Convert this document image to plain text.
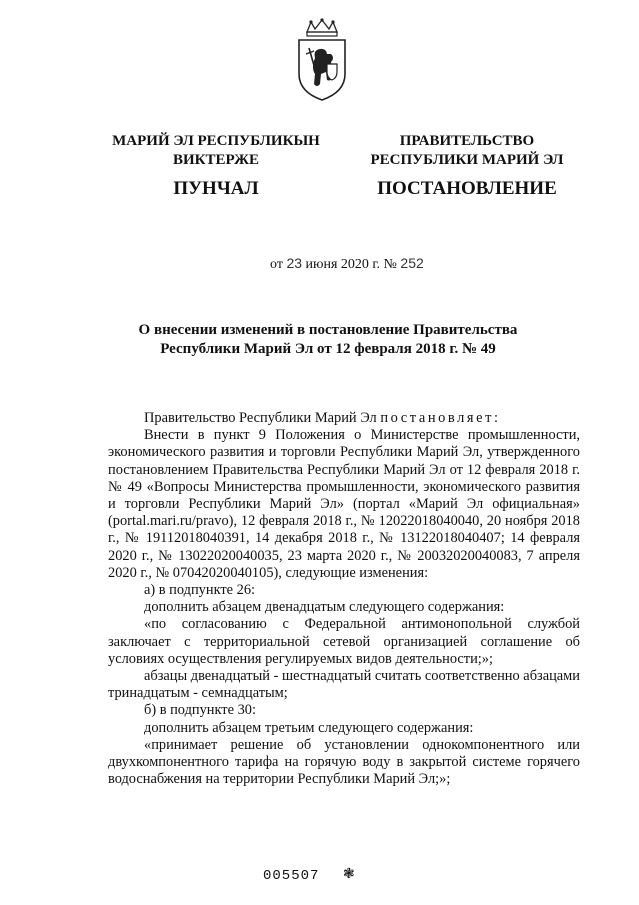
МАРИЙ ЭЛ РЕСПУБЛИКЫН
ВИКТЕРЖЕ
ПРАВИТЕЛЬСТВО
РЕСПУБЛИКИ МАРИЙ ЭЛ
ПУНЧАЛ	ПОСТАНОВЛЕНИЕ
от 23 июня 2020 г. № 252
О внесении изменений в постановление Правительства
Республики Марий Эл от 12 февраля 2018 г. № 49

Правительство Республики Марий Эл постановляет:

Внести в пункт 9 Положения о Министерстве промышленности, экономического развития и торговли Республики Марий Эл, утвержденного постановлением Правительства Республики Марий Эл от 12 февраля 2018 г. № 49 «Вопросы Министерства промышленности, экономического развития и торговли Республики Марий Эл» (портал «Марий Эл официальная» (portal.mari.ru/pravo), 12 февраля 2018 г., № 12022018040040, 20 ноября 2018 г., № 19112018040391, 14 декабря 2018 г., № 13122018040407; 14 февраля 2020 г., № 13022020040035, 23 марта 2020 г., № 20032020040083, 7 апреля 2020 г., № 07042020040105), следующие изменения:

а) в подпункте 26:

дополнить абзацем двенадцатым следующего содержания:

«по согласованию с Федеральной антимонопольной службой заключает с территориальной сетевой организацией соглашение об условиях осуществления регулируемых видов деятельности;»;

абзацы двенадцатый - шестнадцатый считать соответственно абзацами тринадцатым - семнадцатым;

б) в подпункте 30:

дополнить абзацем третьим следующего содержания:

«принимает решение об установлении однокомпонентного или двухкомпонентного тарифа на горячую воду в закрытой системе горячего водоснабжения на территории Республики Марий Эл;»;

005507 ❃
